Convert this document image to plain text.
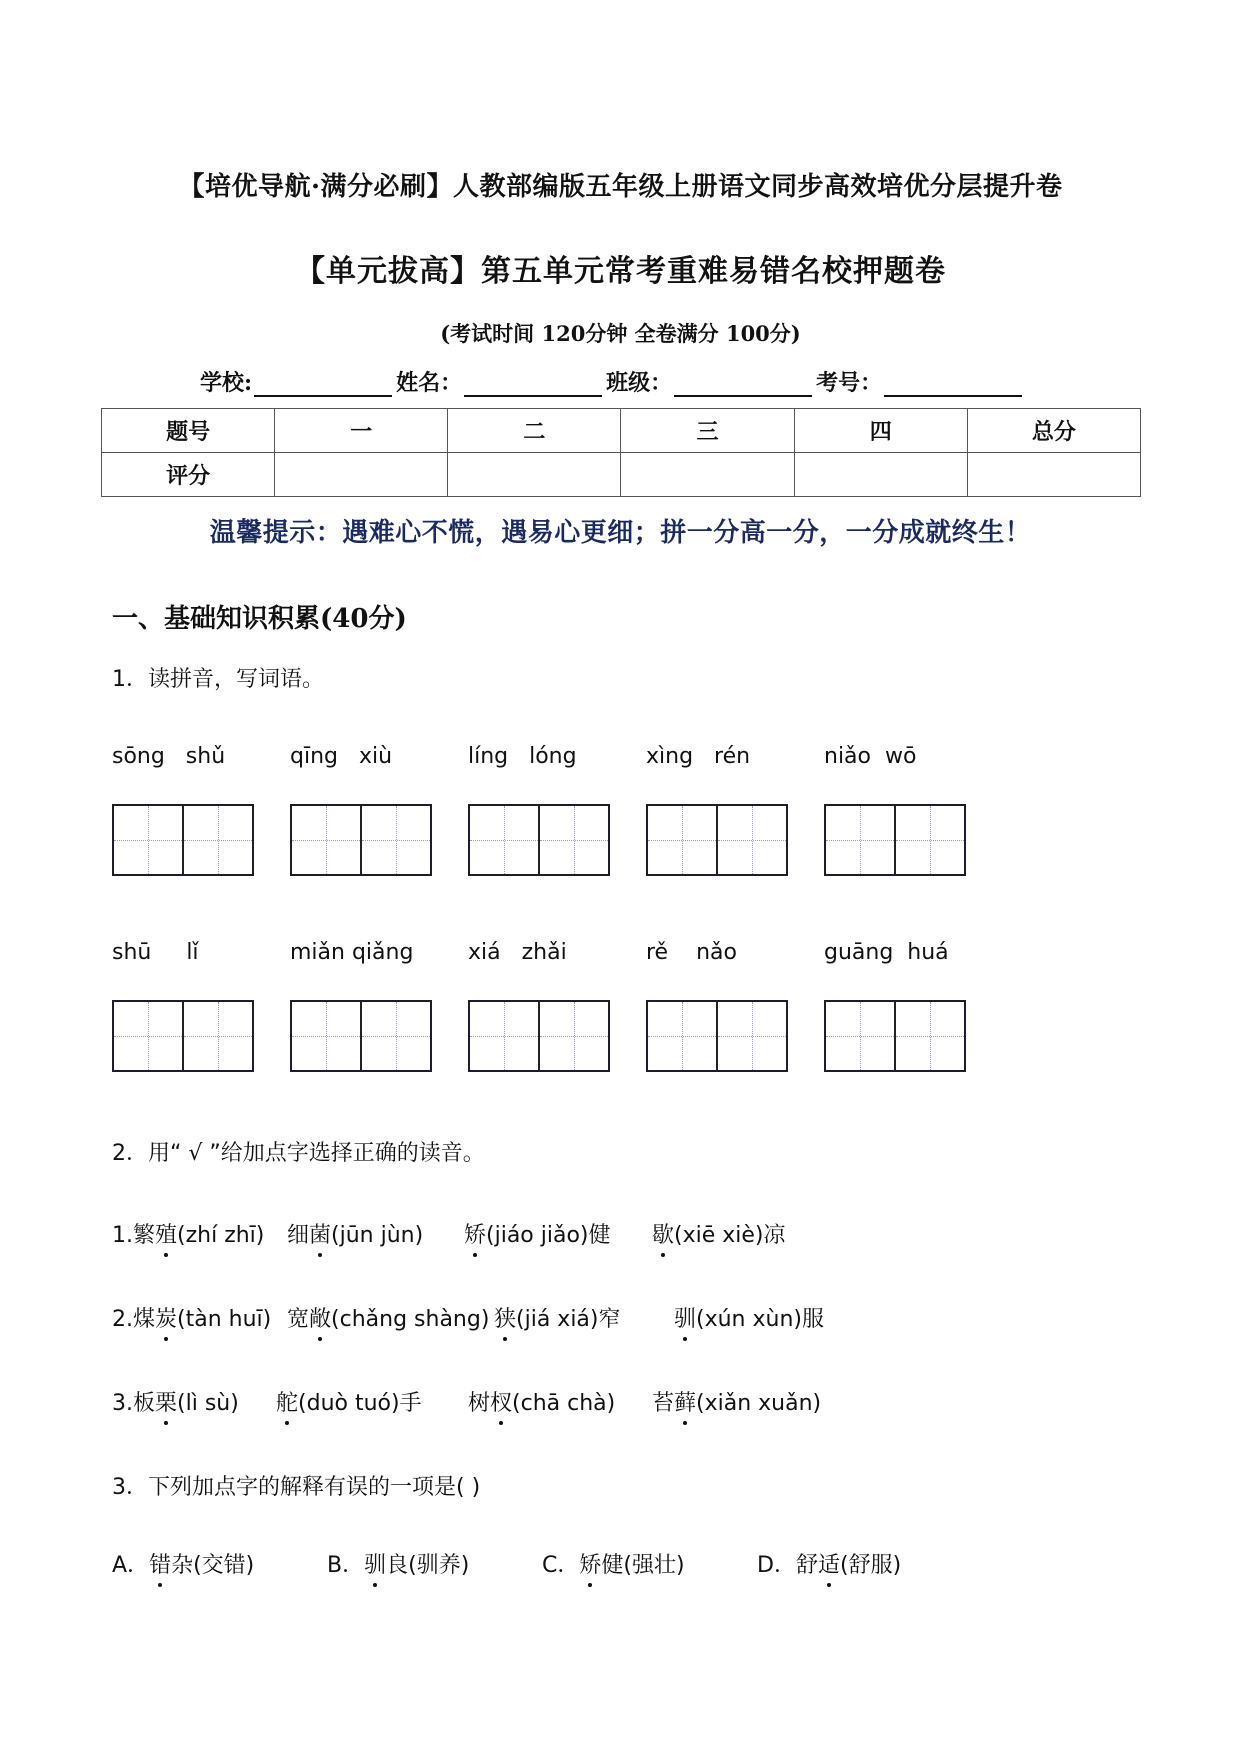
【培优导航·满分必刷】人教部编版五年级上册语文同步高效培优分层提升卷
【单元拔高】第五单元常考重难易错名校押题卷
(考试时间 120分钟 全卷满分 100分)
学校:	姓名：	班级：	考号：
题号	一	二	三	四	总分
评分					
温馨提示：遇难心不慌，遇易心更细；拼一分高一分，一分成就终生！
一、基础知识积累(40分)
1．读拼音，写词语。
sōng   shǔ	qīng   xiù	líng   lóng	xìng   rén	niǎo  wō
shū     lǐ	miǎn qiǎng	xiá   zhǎi	rě    nǎo	guāng  huá
2．用“ √ ”给加点字选择正确的读音。
1.繁殖(zhí zhī) 细菌(jūn jùn) 矫(jiáo jiǎo)健 歇(xiē xiè)凉
2.煤炭(tàn huī) 宽敞(chǎng shàng) 狭(jiá xiá)窄 驯(xún xùn)服
3.板栗(lì sù) 舵(duò tuó)手 树杈(chā chà) 苔藓(xiǎn xuǎn)
3．下列加点字的解释有误的一项是( )
A．错杂(交错)	B．驯良(驯养)	C．矫健(强壮)	D．舒适(舒服)
